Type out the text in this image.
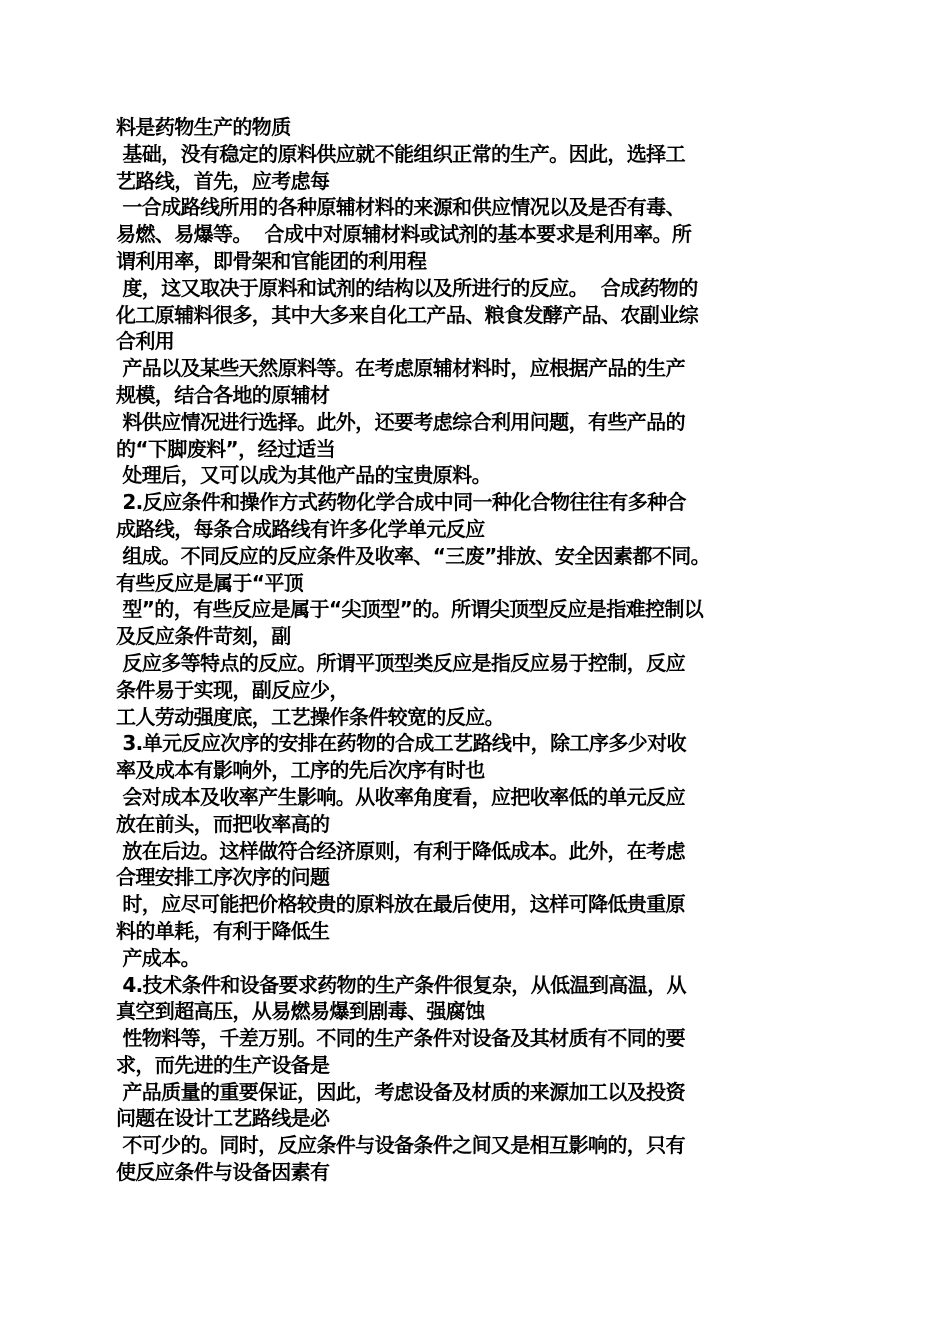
料是药物生产的物质
基础，没有稳定的原料供应就不能组织正常的生产。因此，选择工
艺路线，首先，应考虑每
一合成路线所用的各种原辅材料的来源和供应情况以及是否有毒、
易燃、易爆等。  合成中对原辅材料或试剂的基本要求是利用率。所
谓利用率，即骨架和官能团的利用程
度，这又取决于原料和试剂的结构以及所进行的反应。  合成药物的
化工原辅料很多，其中大多来自化工产品、粮食发酵产品、农副业综
合利用
产品以及某些天然原料等。在考虑原辅材料时，应根据产品的生产
规模，结合各地的原辅材
料供应情况进行选择。此外，还要考虑综合利用问题，有些产品的
的“下脚废料”，经过适当
处理后，又可以成为其他产品的宝贵原料。
2.反应条件和操作方式药物化学合成中同一种化合物往往有多种合
成路线，每条合成路线有许多化学单元反应
组成。不同反应的反应条件及收率、“三废”排放、安全因素都不同。
有些反应是属于“平顶
型”的，有些反应是属于“尖顶型”的。所谓尖顶型反应是指难控制以
及反应条件苛刻，副
反应多等特点的反应。所谓平顶型类反应是指反应易于控制，反应
条件易于实现，副反应少，
工人劳动强度底，工艺操作条件较宽的反应。
3.单元反应次序的安排在药物的合成工艺路线中，除工序多少对收
率及成本有影响外，工序的先后次序有时也
会对成本及收率产生影响。从收率角度看，应把收率低的单元反应
放在前头，而把收率高的
放在后边。这样做符合经济原则，有利于降低成本。此外，在考虑
合理安排工序次序的问题
时，应尽可能把价格较贵的原料放在最后使用，这样可降低贵重原
料的单耗，有利于降低生
产成本。
4.技术条件和设备要求药物的生产条件很复杂，从低温到高温，从
真空到超高压，从易燃易爆到剧毒、强腐蚀
性物料等，千差万别。不同的生产条件对设备及其材质有不同的要
求，而先进的生产设备是
产品质量的重要保证，因此，考虑设备及材质的来源加工以及投资
问题在设计工艺路线是必
不可少的。同时，反应条件与设备条件之间又是相互影响的，只有
使反应条件与设备因素有
